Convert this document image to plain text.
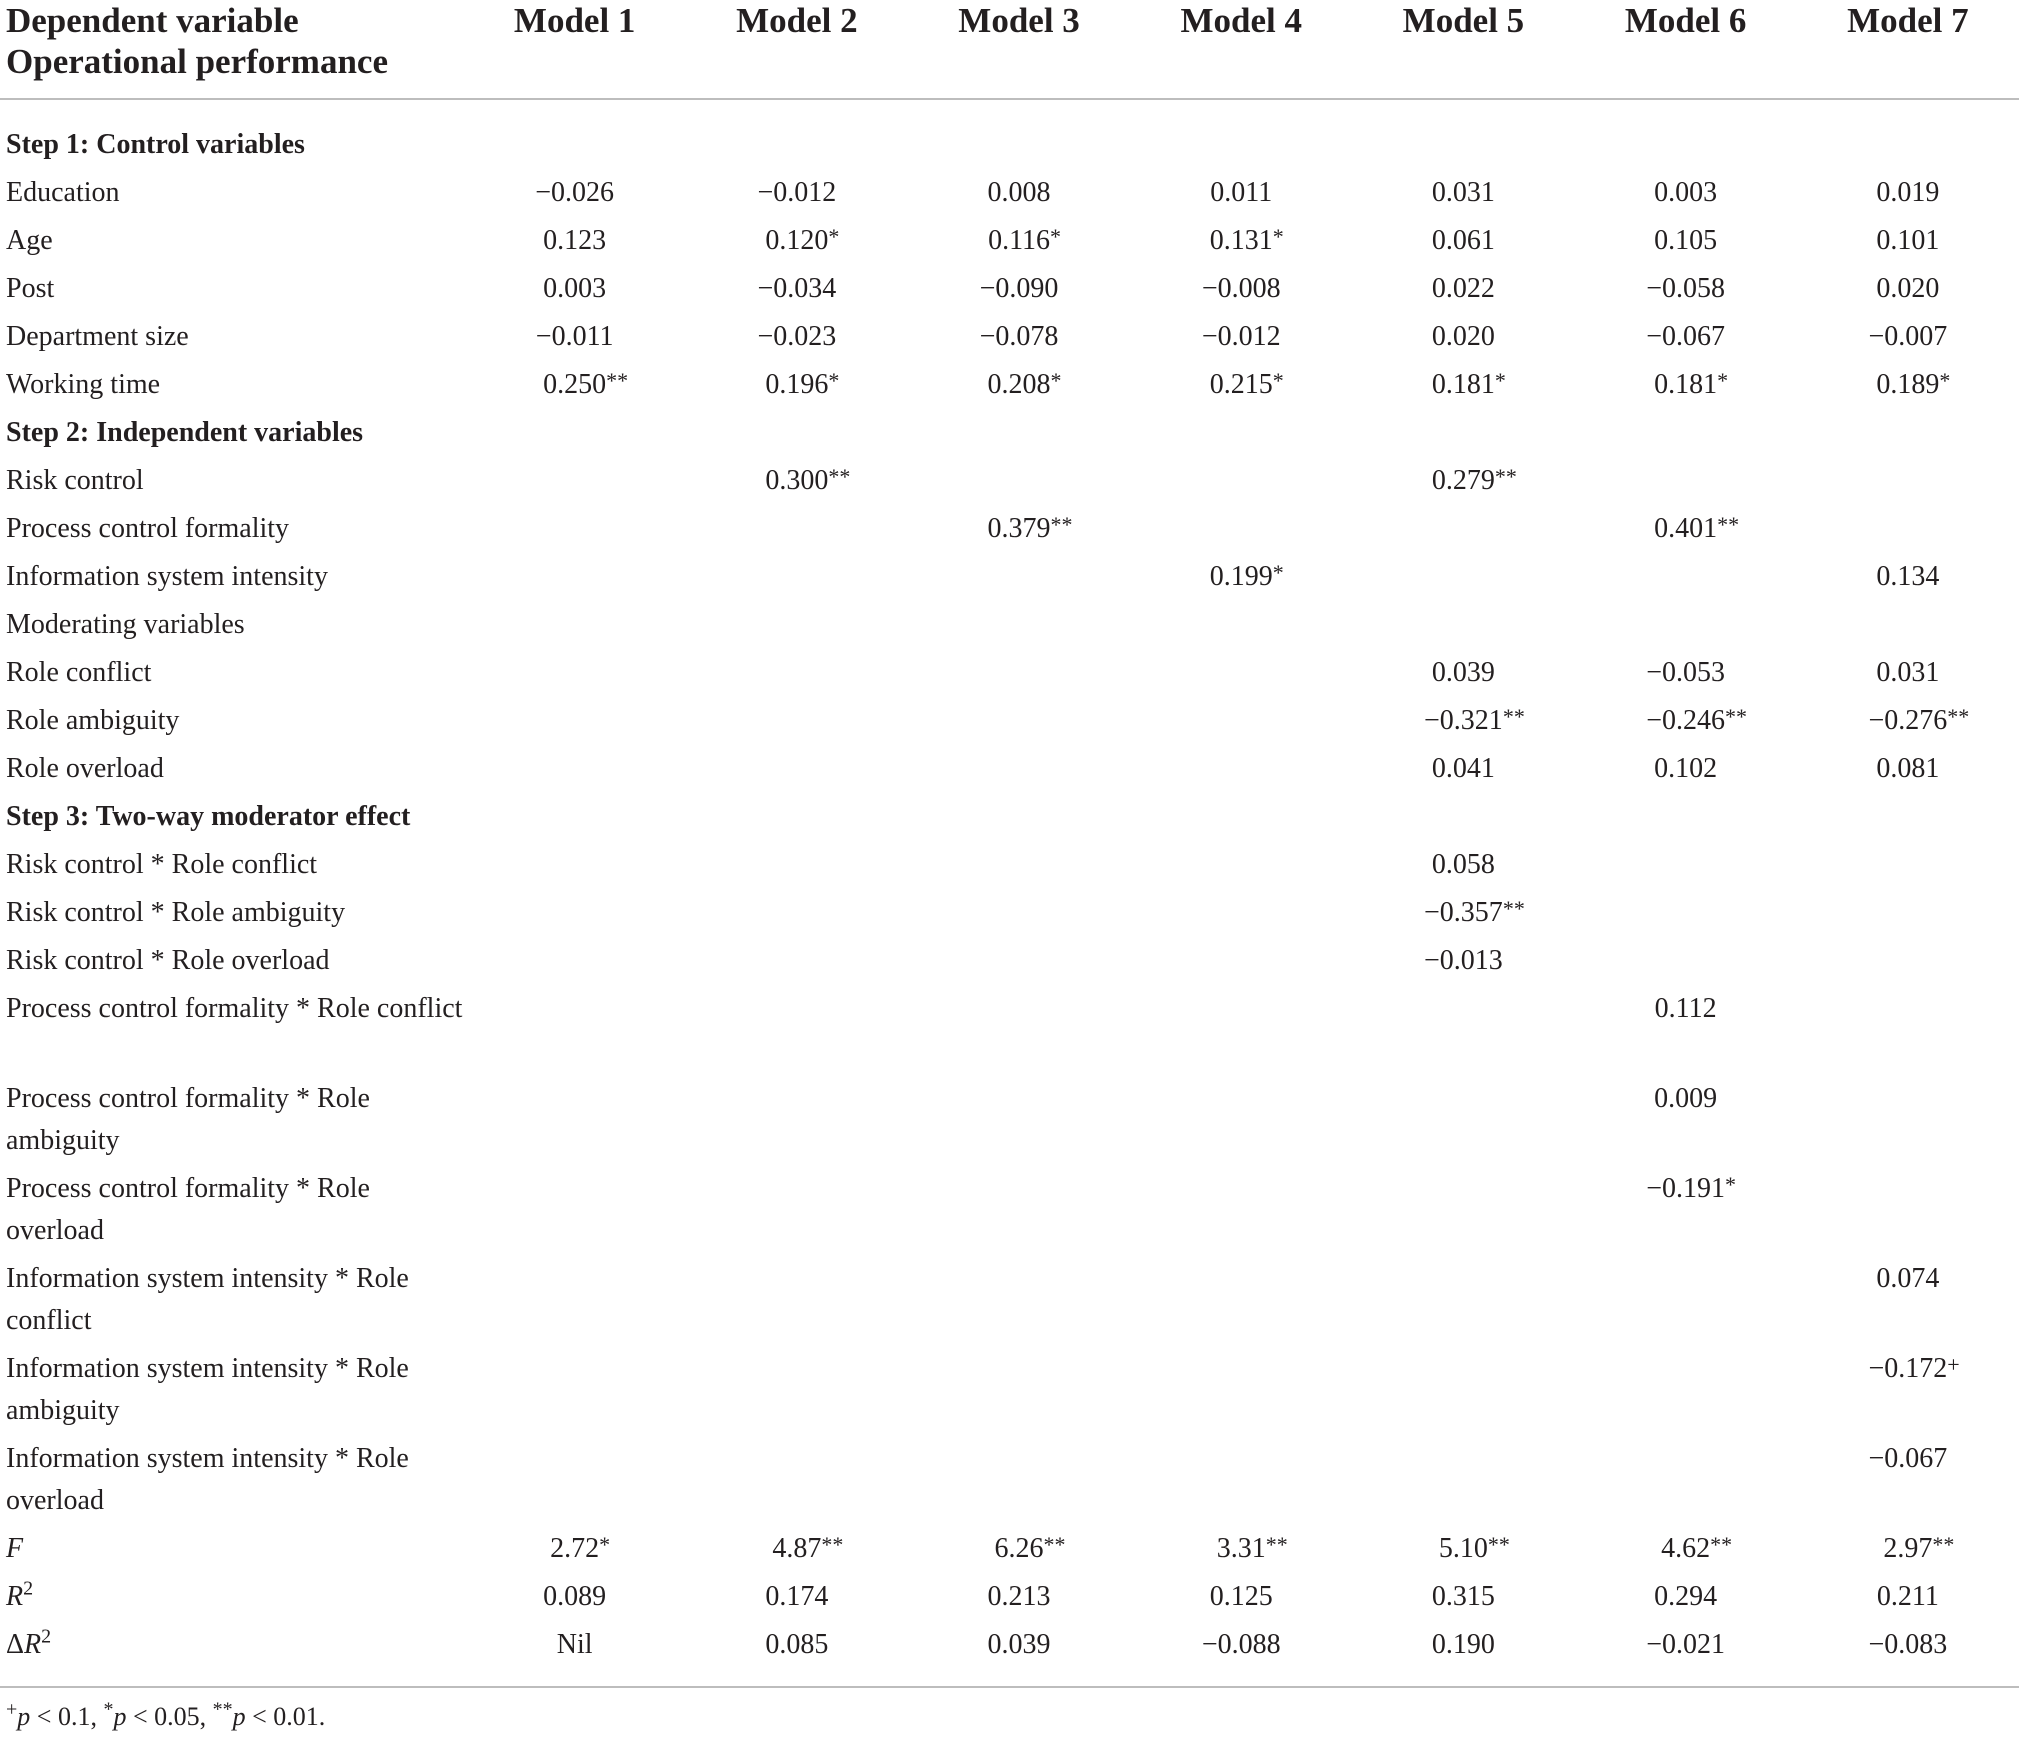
Dependent variable
Operational performance	Model 1	Model 2	Model 3	Model 4	Model 5	Model 6	Model 7
Step 1: Control variables							
Education	−0.026	−0.012	0.008	0.011	0.031	0.003	0.019
Age	0.123	0.120 *	0.116 *	0.131 *	0.061	0.105	0.101
Post	0.003	−0.034	−0.090	−0.008	0.022	−0.058	0.020
Department size	−0.011	−0.023	−0.078	−0.012	0.020	−0.067	−0.007
Working time	0.250 **	0.196 *	0.208 *	0.215 *	0.181 *	0.181 *	0.189 *

Step 2: Independent variables							
Risk control		0.300 **			0.279 **		

Process control formality			0.379 **			0.401 **	

Information system intensity				0.199 *			0.134
Moderating variables							
Role conflict					0.039	−0.053	0.031
Role ambiguity					−0.321 **	−0.246 **	−0.276 **

Role overload					0.041	0.102	0.081
Step 3: Two-way moderator effect							
Risk control * Role conflict					0.058		
Risk control * Role ambiguity					−0.357 **		

Risk control * Role overload					−0.013		
Process control formality * Role conflict						0.112	
Process control formality * Role ambiguity						0.009	
Process control formality * Role overload						−0.191 *	

Information system intensity * Role conflict							0.074
Information system intensity * Role ambiguity							−0.172 +

Information system intensity * Role overload							−0.067
F	2.72 *	4.87 **	6.26 **	3.31 **	5.10 **	4.62 **	2.97 **

$R^2$	0.089	0.174	0.213	0.125	0.315	0.294	0.211
$\Delta R^2$	Nil	0.085	0.039	−0.088	0.190	−0.021	−0.083
+p < 0.1, *p < 0.05, **p < 0.01.
